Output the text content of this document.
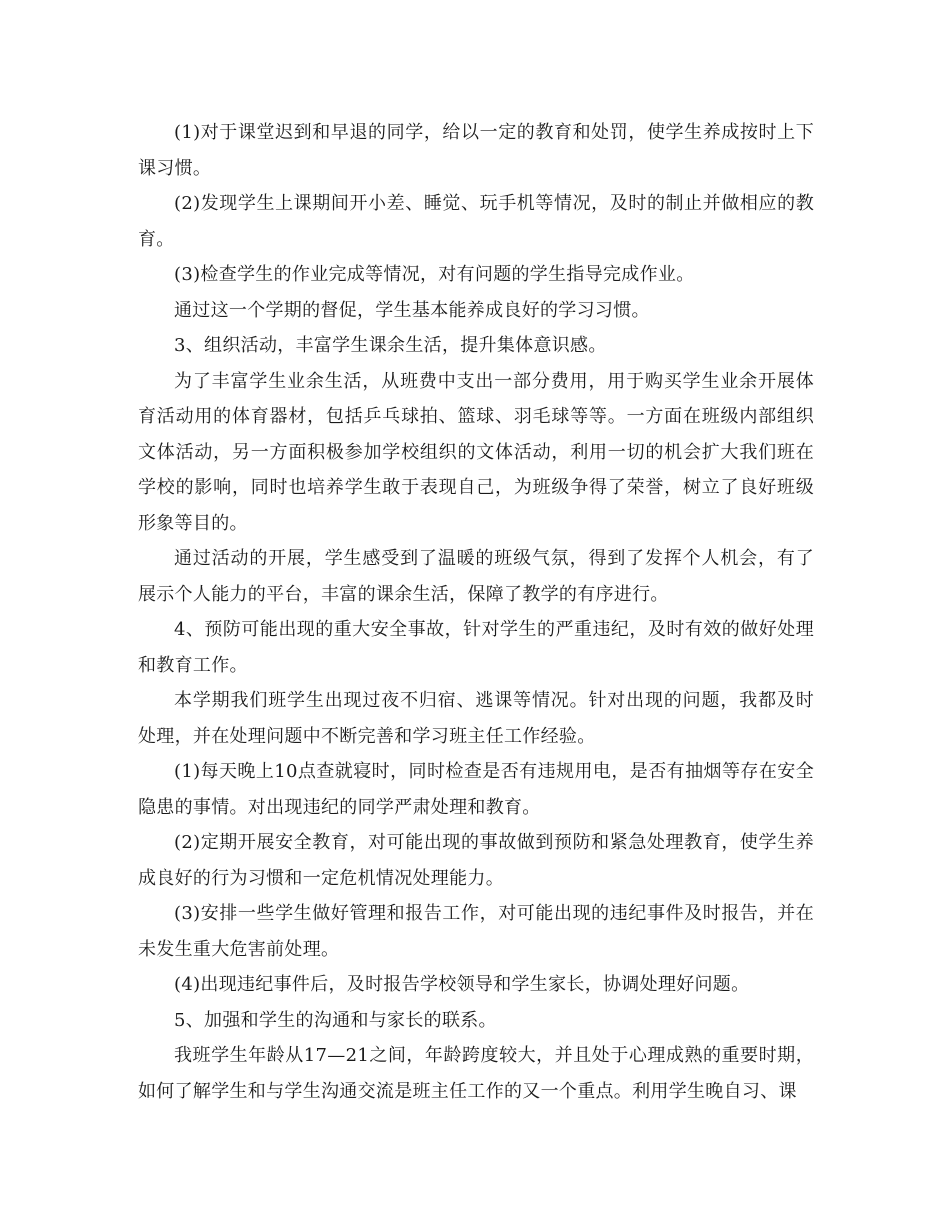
(1)对于课堂迟到和早退的同学，给以一定的教育和处罚，使学生养成按时上下课习惯。

(2)发现学生上课期间开小差、睡觉、玩手机等情况，及时的制止并做相应的教育。

(3)检查学生的作业完成等情况，对有问题的学生指导完成作业。

通过这一个学期的督促，学生基本能养成良好的学习习惯。

3、组织活动，丰富学生课余生活，提升集体意识感。

为了丰富学生业余生活，从班费中支出一部分费用，用于购买学生业余开展体育活动用的体育器材，包括乒乓球拍、篮球、羽毛球等等。一方面在班级内部组织文体活动，另一方面积极参加学校组织的文体活动，利用一切的机会扩大我们班在学校的影响，同时也培养学生敢于表现自己，为班级争得了荣誉，树立了良好班级形象等目的。

通过活动的开展，学生感受到了温暖的班级气氛，得到了发挥个人机会，有了展示个人能力的平台，丰富的课余生活，保障了教学的有序进行。

4、预防可能出现的重大安全事故，针对学生的严重违纪，及时有效的做好处理和教育工作。

本学期我们班学生出现过夜不归宿、逃课等情况。针对出现的问题，我都及时处理，并在处理问题中不断完善和学习班主任工作经验。

(1)每天晚上10点查就寝时，同时检查是否有违规用电，是否有抽烟等存在安全隐患的事情。对出现违纪的同学严肃处理和教育。

(2)定期开展安全教育，对可能出现的事故做到预防和紧急处理教育，使学生养成良好的行为习惯和一定危机情况处理能力。

(3)安排一些学生做好管理和报告工作，对可能出现的违纪事件及时报告，并在未发生重大危害前处理。

(4)出现违纪事件后，及时报告学校领导和学生家长，协调处理好问题。

5、加强和学生的沟通和与家长的联系。

我班学生年龄从17—21之间，年龄跨度较大，并且处于心理成熟的重要时期，如何了解学生和与学生沟通交流是班主任工作的又一个重点。利用学生晚自习、课
